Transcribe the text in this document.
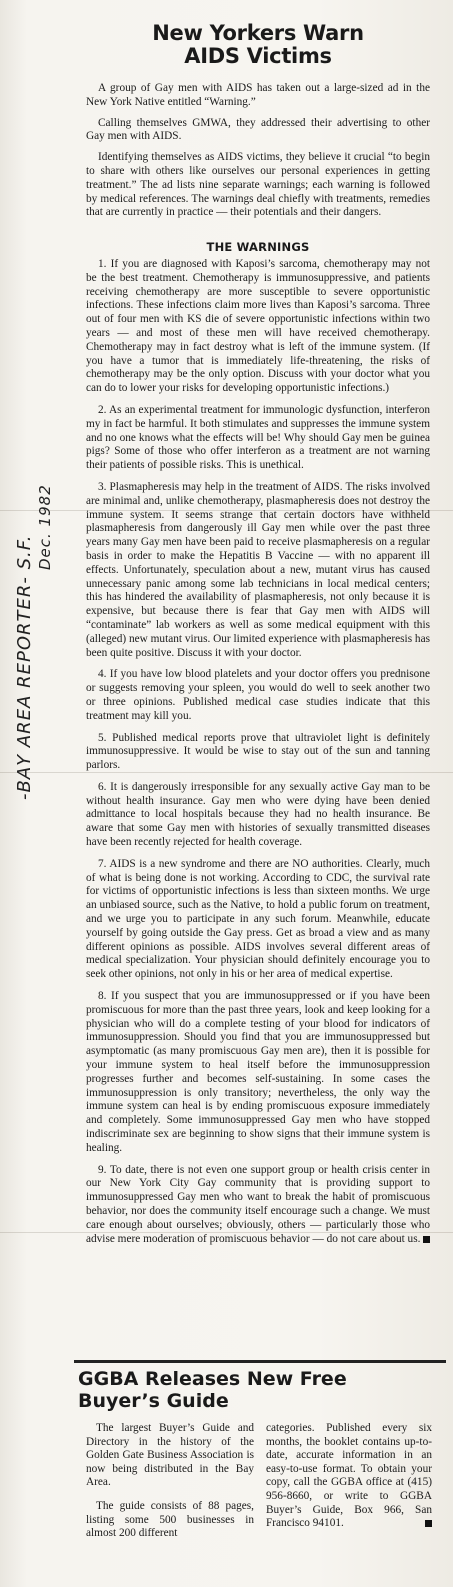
-BAY AREA REPORTER- S.F.
Dec. 1982
New Yorkers Warn
AIDS Victims

A group of Gay men with AIDS has taken out a large-sized ad in the New York Native entitled “Warning.”

Calling themselves GMWA, they addressed their advertising to other Gay men with AIDS.

Identifying themselves as AIDS victims, they believe it crucial “to begin to share with others like ourselves our personal experiences in getting treatment.” The ad lists nine separate warnings; each warning is followed by medical references. The warnings deal chiefly with treatments, remedies that are currently in practice — their potentials and their dangers.

THE WARNINGS

1. If you are diagnosed with Kaposi’s sarcoma, chemotherapy may not be the best treatment. Chemotherapy is immunosuppressive, and patients receiving chemotherapy are more susceptible to severe opportunistic infections. These infections claim more lives than Kaposi’s sarcoma. Three out of four men with KS die of severe opportunistic infections within two years — and most of these men will have received chemotherapy. Chemotherapy may in fact destroy what is left of the immune system. (If you have a tumor that is immediately life-threatening, the risks of chemotherapy may be the only option. Discuss with your doctor what you can do to lower your risks for developing opportunistic infections.)

2. As an experimental treatment for immunologic dysfunction, interferon my in fact be harmful. It both stimulates and suppresses the immune system and no one knows what the effects will be! Why should Gay men be guinea pigs? Some of those who offer interferon as a treatment are not warning their patients of possible risks. This is unethical.

3. Plasmapheresis may help in the treatment of AIDS. The risks involved are minimal and, unlike chemotherapy, plasmapheresis does not destroy the immune system. It seems strange that certain doctors have withheld plasmapheresis from dangerously ill Gay men while over the past three years many Gay men have been paid to receive plasmapheresis on a regular basis in order to make the Hepatitis B Vaccine — with no apparent ill effects. Unfortunately, speculation about a new, mutant virus has caused unnecessary panic among some lab technicians in local medical centers; this has hindered the availability of plasmapheresis, not only because it is expensive, but because there is fear that Gay men with AIDS will “contaminate” lab workers as well as some medical equipment with this (alleged) new mutant virus. Our limited experience with plasmapheresis has been quite positive. Discuss it with your doctor.

4. If you have low blood platelets and your doctor offers you prednisone or suggests removing your spleen, you would do well to seek another two or three opinions. Published medical case studies indicate that this treatment may kill you.

5. Published medical reports prove that ultraviolet light is definitely immunosuppressive. It would be wise to stay out of the sun and tanning parlors.

6. It is dangerously irresponsible for any sexually active Gay man to be without health insurance. Gay men who were dying have been denied admittance to local hospitals because they had no health insurance. Be aware that some Gay men with histories of sexually transmitted diseases have been recently rejected for health coverage.

7. AIDS is a new syndrome and there are NO authorities. Clearly, much of what is being done is not working. According to CDC, the survival rate for victims of opportunistic infections is less than sixteen months. We urge an unbiased source, such as the Native, to hold a public forum on treatment, and we urge you to participate in any such forum. Meanwhile, educate yourself by going outside the Gay press. Get as broad a view and as many different opinions as possible. AIDS involves several different areas of medical specialization. Your physician should definitely encourage you to seek other opinions, not only in his or her area of medical expertise.

8. If you suspect that you are immunosuppressed or if you have been promiscuous for more than the past three years, look and keep looking for a physician who will do a complete testing of your blood for indicators of immunosuppression. Should you find that you are immunosuppressed but asymptomatic (as many promiscuous Gay men are), then it is possible for your immune system to heal itself before the immunosuppression progresses further and becomes self-sustaining. In some cases the immunosuppression is only transitory; nevertheless, the only way the immune system can heal is by ending promiscuous exposure immediately and completely. Some immunosuppressed Gay men who have stopped indiscriminate sex are beginning to show signs that their immune system is healing.

9. To date, there is not even one support group or health crisis center in our New York City Gay community that is providing support to immunosuppressed Gay men who want to break the habit of promiscuous behavior, nor does the community itself encourage such a change. We must care enough about ourselves; obviously, others — particularly those who advise mere moderation of promiscuous behavior — do not care about us.

GGBA Releases New Free
Buyer’s Guide

The largest Buyer’s Guide and Directory in the history of the Golden Gate Business Association is now being distributed in the Bay Area.

The guide consists of 88 pages, listing some 500 businesses in almost 200 different

categories. Published every six months, the booklet contains up-to-date, accurate information in an easy-to-use format. To obtain your copy, call the GGBA office at (415) 956-8660, or write to GGBA Buyer’s Guide, Box 966, San Francisco 94101.
